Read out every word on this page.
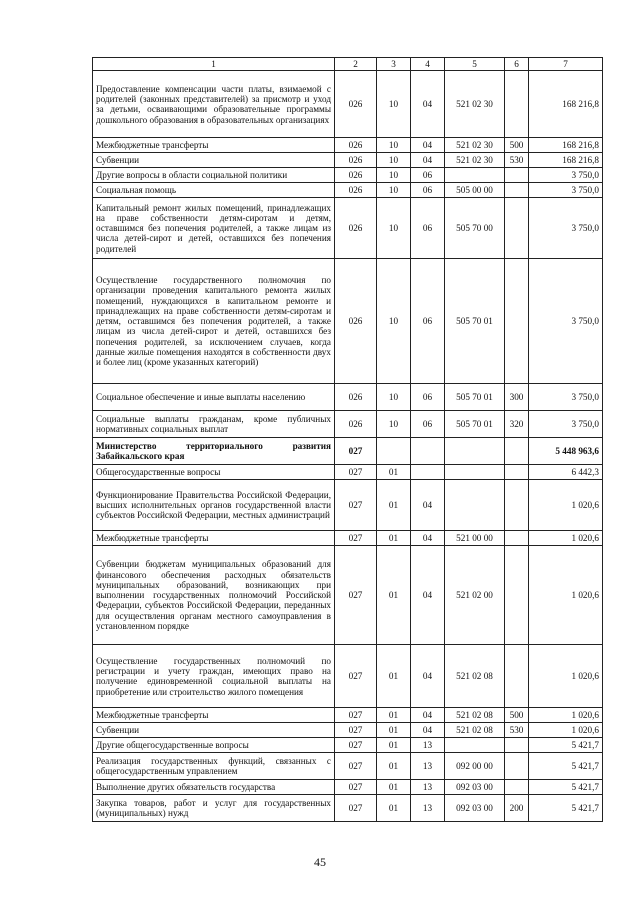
1	2	3	4	5	6	7
Предоставление компенсации части платы, взимаемой с родителей (законных представителей) за присмотр и уход за детьми, осваивающими образовательные программы дошкольного образования в образовательных организациях	026	10	04	521 02 30		168 216,8
Межбюджетные трансферты	026	10	04	521 02 30	500	168 216,8
Субвенции	026	10	04	521 02 30	530	168 216,8
Другие вопросы в области социальной политики	026	10	06			3 750,0
Социальная помощь	026	10	06	505 00 00		3 750,0
Капитальный ремонт жилых помещений, принадлежащих на праве собственности детям-сиротам и детям, оставшимся без попечения родителей, а также лицам из числа детей-сирот и детей, оставшихся без попечения родителей	026	10	06	505 70 00		3 750,0
Осуществление государственного полномочия по организации проведения капитального ремонта жилых помещений, нуждающихся в капитальном ремонте и принадлежащих на праве собственности детям-сиротам и детям, оставшимся без попечения родителей, а также лицам из числа детей-сирот и детей, оставшихся без попечения родителей, за исключением случаев, когда данные жилые помещения находятся в собственности двух и более лиц (кроме указанных категорий)	026	10	06	505 70 01		3 750,0
Социальное обеспечение и иные выплаты населению	026	10	06	505 70 01	300	3 750,0
Социальные выплаты гражданам, кроме публичных нормативных социальных выплат	026	10	06	505 70 01	320	3 750,0
Министерство территориального развития Забайкальского края	027					5 448 963,6
Общегосударственные вопросы	027	01				6 442,3
Функционирование Правительства Российской Федерации, высших исполнительных органов государственной власти субъектов Российской Федерации, местных администраций	027	01	04			1 020,6
Межбюджетные трансферты	027	01	04	521 00 00		1 020,6
Субвенции бюджетам муниципальных образований для финансового обеспечения расходных обязательств муниципальных образований, возникающих при выполнении государственных полномочий Российской Федерации, субъектов Российской Федерации, переданных для осуществления органам местного самоуправления в установленном порядке	027	01	04	521 02 00		1 020,6
Осуществление государственных полномочий по регистрации и учету граждан, имеющих право на получение единовременной социальной выплаты на приобретение или строительство жилого помещения	027	01	04	521 02 08		1 020,6
Межбюджетные трансферты	027	01	04	521 02 08	500	1 020,6
Субвенции	027	01	04	521 02 08	530	1 020,6
Другие общегосударственные вопросы	027	01	13			5 421,7
Реализация государственных функций, связанных с общегосударственным управлением	027	01	13	092 00 00		5 421,7
Выполнение других обязательств государства	027	01	13	092 03 00		5 421,7
Закупка товаров, работ и услуг для государственных (муниципальных) нужд	027	01	13	092 03 00	200	5 421,7
45
